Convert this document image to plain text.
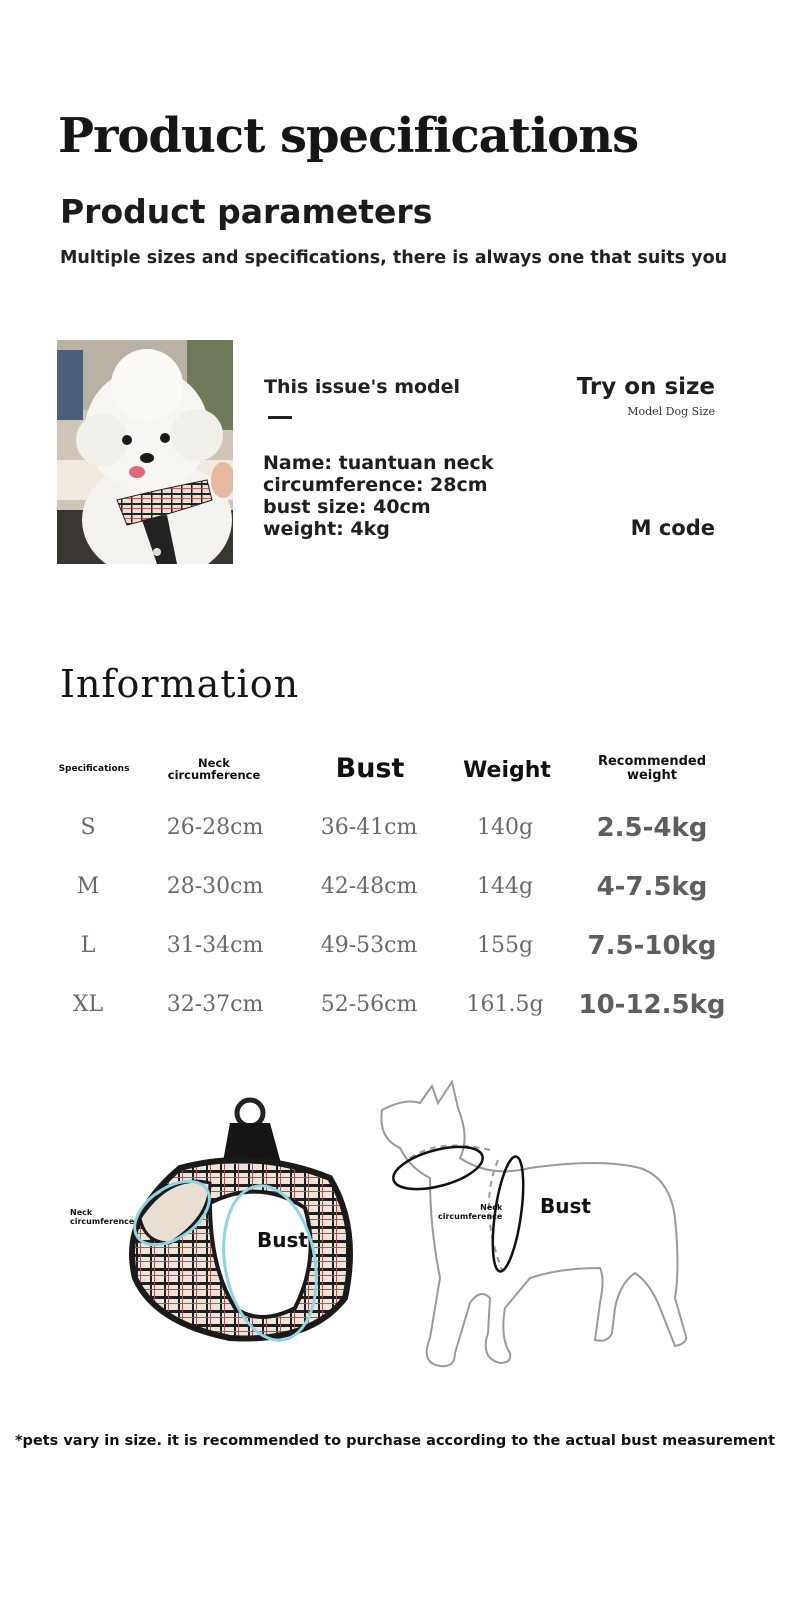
Product specifications
Product parameters
Multiple sizes and specifications, there is always one that suits you
This issue's model
Name: tuantuan neck
circumference: 28cm
bust size: 40cm
weight: 4kg
Try on size
Model Dog Size
M code
Information
Specifications	Neck
circumference	Bust	Weight	Recommended
weight
S	26-28cm	36-41cm	140g 2.5-4kg
M	28-30cm	42-48cm	144g 4-7.5kg
L	31-34cm	49-53cm	155g 7.5-10kg
XL	32-37cm	52-56cm 161.5g 10-12.5kg
Neck
circumference
Bust
Neck
circumference Bust
*pets vary in size. it is recommended to purchase according to the actual bust measurement
